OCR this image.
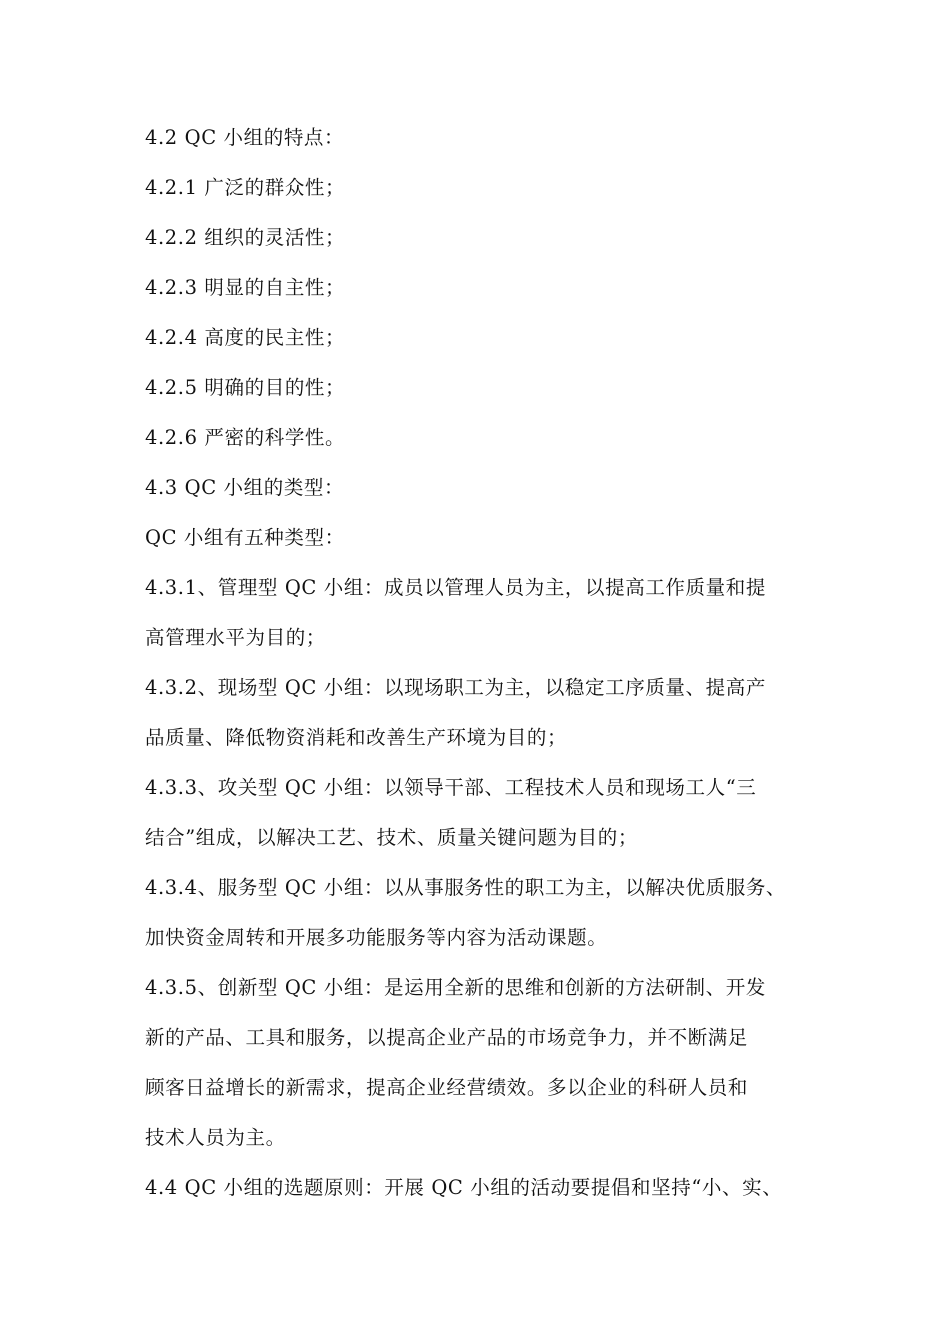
4.2 QC 小组的特点：
4.2.1 广泛的群众性；
4.2.2 组织的灵活性；
4.2.3 明显的自主性；
4.2.4 高度的民主性；
4.2.5 明确的目的性；
4.2.6 严密的科学性。
4.3 QC 小组的类型：
QC 小组有五种类型：
4.3.1、管理型 QC 小组：成员以管理人员为主，以提高工作质量和提
高管理水平为目的；
4.3.2、现场型 QC 小组：以现场职工为主，以稳定工序质量、提高产
品质量、降低物资消耗和改善生产环境为目的；
4.3.3、攻关型 QC 小组：以领导干部、工程技术人员和现场工人“三
结合”组成，以解决工艺、技术、质量关键问题为目的；
4.3.4、服务型 QC 小组：以从事服务性的职工为主，以解决优质服务、
加快资金周转和开展多功能服务等内容为活动课题。
4.3.5、创新型 QC 小组：是运用全新的思维和创新的方法研制、开发
新的产品、工具和服务，以提高企业产品的市场竞争力，并不断满足
顾客日益增长的新需求，提高企业经营绩效。多以企业的科研人员和
技术人员为主。
4.4 QC 小组的选题原则：开展 QC 小组的活动要提倡和坚持“小、实、
